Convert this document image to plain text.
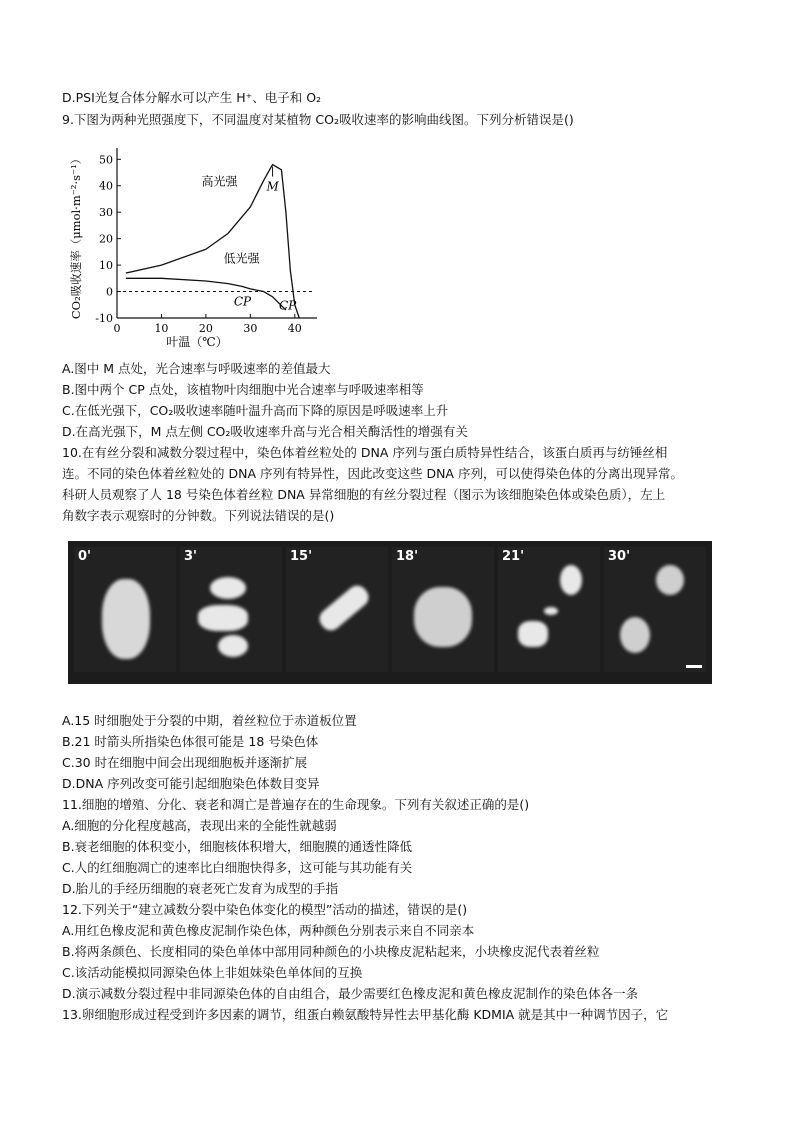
D.PSI光复合体分解水可以产生 H⁺、电子和 O₂
9.下图为两种光照强度下，不同温度对某植物 CO₂吸收速率的影响曲线图。下列分析错误是()
0	10	20	30	40
-10
0
10
20
30
40
50
叶温（℃）
CO₂吸收速率（μmol·m⁻²·s⁻¹）	高光强
低光强
M
CP CP
A.图中 M 点处，光合速率与呼吸速率的差值最大
B.图中两个 CP 点处，该植物叶肉细胞中光合速率与呼吸速率相等
C.在低光强下，CO₂吸收速率随叶温升高而下降的原因是呼吸速率上升
D.在高光强下，M 点左侧 CO₂吸收速率升高与光合相关酶活性的增强有关
10.在有丝分裂和减数分裂过程中，染色体着丝粒处的 DNA 序列与蛋白质特异性结合，该蛋白质再与纺锤丝相
连。不同的染色体着丝粒处的 DNA 序列有特异性，因此改变这些 DNA 序列，可以使得染色体的分离出现异常。
科研人员观察了人 18 号染色体着丝粒 DNA 异常细胞的有丝分裂过程（图示为该细胞染色体或染色质），左上
角数字表示观察时的分钟数。下列说法错误的是()
0'	3'	15'	18'	21'	30'
A.15 时细胞处于分裂的中期，着丝粒位于赤道板位置
B.21 时箭头所指染色体很可能是 18 号染色体
C.30 时在细胞中间会出现细胞板并逐渐扩展
D.DNA 序列改变可能引起细胞染色体数目变异
11.细胞的增殖、分化、衰老和凋亡是普遍存在的生命现象。下列有关叙述正确的是()
A.细胞的分化程度越高，表现出来的全能性就越弱
B.衰老细胞的体积变小，细胞核体积增大，细胞膜的通透性降低
C.人的红细胞凋亡的速率比白细胞快得多，这可能与其功能有关
D.胎儿的手经历细胞的衰老死亡发育为成型的手指
12.下列关于“建立减数分裂中染色体变化的模型”活动的描述，错误的是()
A.用红色橡皮泥和黄色橡皮泥制作染色体，两种颜色分别表示来自不同亲本
B.将两条颜色、长度相同的染色单体中部用同种颜色的小块橡皮泥粘起来，小块橡皮泥代表着丝粒
C.该活动能模拟同源染色体上非姐妹染色单体间的互换
D.演示减数分裂过程中非同源染色体的自由组合，最少需要红色橡皮泥和黄色橡皮泥制作的染色体各一条
13.卵细胞形成过程受到许多因素的调节，组蛋白赖氨酸特异性去甲基化酶 KDMIA 就是其中一种调节因子，它
